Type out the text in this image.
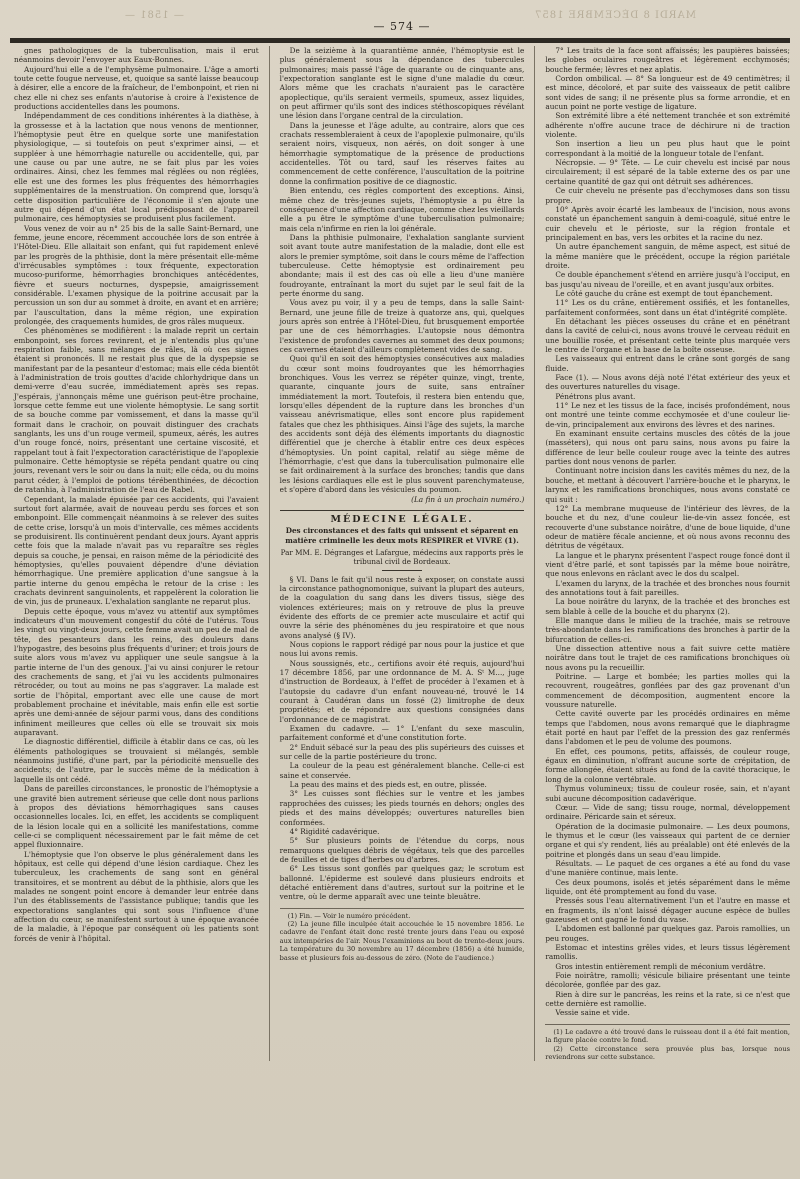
— 1581 —	MARDI 8 DÉCEMBRE 1857
— 574 —

gnes pathologiques de la tuberculisation, mais il erut néanmoins devoir l'envoyer aux Eaux-Bonnes.

Aujourd'hui elle a de l'emphysème pulmonaire. L'âge a amorti toute cette fougue nerveuse, et, quoique sa santé laisse beaucoup à désirer, elle a encore de la fraîcheur, de l'embonpoint, et rien ni chez elle ni chez ses enfants n'autorise à croire à l'existence de productions accidentelles dans les poumons.

Indépendamment de ces conditions inhérentes à la diathèse, à la grossesse et à la lactation que nous venons de mentionner, l'hémoptysie peut être en quelque sorte une manifestation physiologique, — si toutefois on peut s'exprimer ainsi, — et suppléer à une hémorrhagie naturelle ou accidentelle, qui, par une cause ou par une autre, ne se fait plus par les voies ordinaires. Ainsi, chez les femmes mal réglées ou non réglées, elle est une des formes les plus fréquentes des hémorrhagies supplémentaires de la menstruation. On comprend que, lorsqu'à cette disposition particulière de l'économie il s'en ajoute une autre qui dépend d'un état local prédisposant de l'appareil pulmonaire, ces hémoptysies se produisent plus facilement.

Vous venez de voir au n° 25 bis de la salle Saint-Bernard, une femme, jeune encore, récemment accouchée lors de son entrée à l'Hôtel-Dieu. Elle allaitait son enfant, qui fut rapidement enlevé par les progrès de la phthisie, dont la mère présentait elle-même d'irrécusables symptômes : toux fréquente, expectoration mucoso-puriforme, hémorrhagies bronchiques antécédentes, fièvre et sueurs nocturnes, dyspepsie, amaigrissement considérable. L'examen physique de la poitrine accusait par la percussion un son dur au sommet à droite, en avant et en arrière; par l'auscultation, dans la même région, une expiration prolongée, des craquements humides, de gros râles muqueux.

Ces phénomènes se modifièrent : la malade reprit un certain embonpoint, ses forces revinrent, et je n'entendis plus qu'une respiration faible, sans mélanges de râles, là où ces signes étaient si prononcés. Il ne restait plus que de la dyspepsie se manifestant par de la pesanteur d'estomac; mais elle céda bientôt à l'administration de trois gouttes d'acide chlorhydrique dans un demi-verre d'eau sucrée, immédiatement après ses repas. J'espérais, j'annonçais même une guérison peut-être prochaine, lorsque cette femme eut une violente hémoptysie. Le sang sortit de sa bouche comme par vomissement, et dans la masse qu'il formait dans le crachoir, on pouvait distinguer des crachats sanglants, les uns d'un rouge vermeil, spumeux, aérés, les autres d'un rouge foncé, noirs, présentant une certaine viscosité, et rappelant tout à fait l'expectoration caractéristique de l'apoplexie pulmonaire. Cette hémoptysie se répéta pendant quatre ou cinq jours, revenant vers le soir ou dans la nuit; elle céda, ou du moins parut céder, à l'emploi de potions térébenthinées, de décoction de ratanhia, à l'administration de l'eau de Rabel.

Cependant, la malade épuisée par ces accidents, qui l'avaient surtout fort alarmée, avait de nouveau perdu ses forces et son embonpoint. Elle commençait néanmoins à se relever des suites de cette crise, lorsqu'à un mois d'intervalle, ces mêmes accidents se produisirent. Ils continuèrent pendant deux jours. Ayant appris cette fois que la malade n'avait pas vu reparaître ses règles depuis sa couche, je pensai, en raison même de la périodicité des hémoptysies, qu'elles pouvaient dépendre d'une déviation hémorrhagique. Une première application d'une sangsue à la partie interne du genou empêcha le retour de la crise : les crachats devinrent sanguinolents, et rappelèrent la coloration lie de vin, jus de pruneaux. L'exhalation sanglante ne reparut plus.

Depuis cette époque, vous m'avez vu attentif aux symptômes indicateurs d'un mouvement congestif du côté de l'utérus. Tous les vingt ou vingt-deux jours, cette femme avait un peu de mal de tête, des pesanteurs dans les reins, des douleurs dans l'hypogastre, des besoins plus fréquents d'uriner; et trois jours de suite alors vous m'avez vu appliquer une seule sangsue à la partie interne de l'un des genoux. J'ai vu ainsi conjurer le retour des crachements de sang, et j'ai vu les accidents pulmonaires rétrocéder, ou tout au moins ne pas s'aggraver. La malade est sortie de l'hôpital, emportant avec elle une cause de mort probablement prochaine et inévitable, mais enfin elle est sortie après une demi-année de séjour parmi vous, dans des conditions infiniment meilleures que celles où elle se trouvait six mois auparavant.

Le diagnostic différentiel, difficile à établir dans ce cas, où les éléments pathologiques se trouvaient si mélangés, semble néanmoins justifié, d'une part, par la périodicité mensuelle des accidents; de l'autre, par le succès même de la médication à laquelle ils ont cédé.

Dans de pareilles circonstances, le pronostic de l'hémoptysie a une gravité bien autrement sérieuse que celle dont nous parlions à propos des déviations hémorrhagiques sans causes occasionnelles locales. Ici, en effet, les accidents se compliquent de la lésion locale qui en a sollicité les manifestations, comme celle-ci se compliquent nécessairement par le fait même de cet appel fluxionnaire.

L'hémoptysie que l'on observe le plus généralement dans les hôpitaux, est celle qui dépend d'une lésion cardiaque. Chez les tuberculeux, les crachements de sang sont en général transitoires, et se montrent au début de la phthisie, alors que les malades ne songent point encore à demander leur entrée dans l'un des établissements de l'assistance publique; tandis que les expectorations sanglantes qui sont sous l'influence d'une affection du cœur, se manifestent surtout à une époque avancée de la maladie, à l'époque par conséquent où les patients sont forcés de venir à l'hôpital.

De la seizième à la quarantième année, l'hémoptysie est le plus généralement sous la dépendance des tubercules pulmonaires; mais passé l'âge de quarante ou de cinquante ans, l'expectoration sanglante est le signe d'une maladie du cœur. Alors même que les crachats n'auraient pas le caractère apoplectique, qu'ils seraient vermeils, spumeux, assez liquides, on peut affirmer qu'ils sont des indices stéthoscopiques révélant une lésion dans l'organe central de la circulation.

Dans la jeunesse et l'âge adulte, au contraire, alors que ces crachats ressembleraient à ceux de l'apoplexie pulmonaire, qu'ils seraient noirs, visqueux, non aérés, on doit songer à une hémorrhagie symptomatique de la présence de productions accidentelles. Tôt ou tard, sauf les réserves faites au commencement de cette conférence, l'auscultation de la poitrine donne la confirmation positive de ce diagnostic.

Bien entendu, ces règles comportent des exceptions. Ainsi, même chez de très-jeunes sujets, l'hémoptysie a pu être la conséquence d'une affection cardiaque, comme chez les vieillards elle a pu être le symptôme d'une tuberculisation pulmonaire; mais cela n'infirme en rien la loi générale.

Dans la phthisie pulmonaire, l'exhalation sanglante survient soit avant toute autre manifestation de la maladie, dont elle est alors le premier symptôme, soit dans le cours même de l'affection tuberculeuse. Cette hémoptysie est ordinairement peu abondante; mais il est des cas où elle a lieu d'une manière foudroyante, entraînant la mort du sujet par le seul fait de la perte énorme du sang.

Vous avez pu voir, il y a peu de temps, dans la salle Saint-Bernard, une jeune fille de treize à quatorze ans, qui, quelques jours après son entrée à l'Hôtel-Dieu, fut brusquement emportée par une de ces hémorrhagies. L'autopsie nous démontra l'existence de profondes cavernes au sommet des deux poumons; ces cavernes étaient d'ailleurs complètement vides de sang.

Quoi qu'il en soit des hémoptysies consécutives aux maladies du cœur sont moins foudroyantes que les hémorrhagies bronchiques. Vous les verrez se répéter quinze, vingt, trente, quarante, cinquante jours de suite, sans entraîner immédiatement la mort. Toutefois, il restera bien entendu que, lorsqu'elles dépendent de la rupture dans les bronches d'un vaisseau anévrismatique, elles sont encore plus rapidement fatales que chez les phthisiques. Ainsi l'âge des sujets, la marche des accidents sont déjà des éléments importants du diagnostic différentiel que je cherche à établir entre ces deux espèces d'hémoptysies. Un point capital, relatif au siège même de l'hémorrhagie, c'est que dans la tuberculisation pulmonaire elle se fait ordinairement à la surface des bronches; tandis que dans les lésions cardiaques elle est le plus souvent parenchymateuse, et s'opère d'abord dans les vésicules du poumon.

(La fin à un prochain numéro.)
MÉDECINE LÉGALE.
Des circonstances et des faits qui unissent et séparent en matière criminelle les deux mots RESPIRER et VIVRE (1).
Par MM. E. Dégranges et Lafargue, médecins aux rapports près le tribunal civil de Bordeaux.

§ VI. Dans le fait qu'il nous reste à exposer, on constate aussi la circonstance pathognomonique, suivant la plupart des auteurs, de la coagulation du sang dans les divers tissus, siège des violences extérieures; mais on y retrouve de plus la preuve évidente des efforts de ce premier acte musculaire et actif qui ouvre la série des phénomènes du jeu respiratoire et que nous avons analysé (§ IV).

Nous copions le rapport rédigé par nous pour la justice et que nous lui avons remis.

Nous soussignés, etc., certifions avoir été requis, aujourd'hui 17 décembre 1856, par une ordonnance de M. A. Sᵗ M..., juge d'instruction de Bordeaux, à l'effet de procéder à l'examen et à l'autopsie du cadavre d'un enfant nouveau-né, trouvé le 14 courant à Caudéran dans un fossé (2) limitrophe de deux propriétés; et de répondre aux questions consignées dans l'ordonnance de ce magistrat.

Examen du cadavre. — 1° L'enfant du sexe masculin, parfaitement conformé et d'une constitution forte.

2° Enduit sébacé sur la peau des plis supérieurs des cuisses et sur celle de la partie postérieure du tronc.

La couleur de la peau est généralement blanche. Celle-ci est saine et conservée.

La peau des mains et des pieds est, en outre, plissée.

3° Les cuisses sont fléchies sur le ventre et les jambes rapprochées des cuisses; les pieds tournés en dehors; ongles des pieds et des mains développés; ouvertures naturelles bien conformées.

4° Rigidité cadavérique.

5° Sur plusieurs points de l'étendue du corps, nous remarquons quelques débris de végétaux, tels que des parcelles de feuilles et de tiges d'herbes ou d'arbres.

6° Les tissus sont gonflés par quelques gaz; le scrotum est ballonné. L'épiderme est soulevé dans plusieurs endroits et détaché entièrement dans d'autres, surtout sur la poitrine et le ventre, où le derme apparaît avec une teinte bleuâtre.

(1) Fin. — Voir le numéro précédent.
(2) La jeune fille inculpée était accouchée le 15 novembre 1856. Le cadavre de l'enfant était donc resté trente jours dans l'eau ou exposé aux intempéries de l'air. Nous l'examinions au bout de trente-deux jours. La température du 30 novembre au 17 décembre (1856) a été humide, basse et plusieurs fois au-dessous de zéro. (Note de l'audience.)

7° Les traits de la face sont affaissés; les paupières baissées; les globes oculaires rougeâtres et légèrement ecchymosés; bouche fermée; lèvres et nez aplatis.

Cordon ombilical. — 8° Sa longueur est de 49 centimètres; il est mince, décoloré, et par suite des vaisseaux de petit calibre sont vides de sang; il ne présente plus sa forme arrondie, et en aucun point ne porte vestige de ligature.

Son extrémité libre a été nettement tranchée et son extrémité adhérente n'offre aucune trace de déchirure ni de traction violente.

Son insertion a lieu un peu plus haut que le point correspondant à la moitié de la longueur totale de l'enfant.

Nécropsie. — 9° Tête. — Le cuir chevelu est incisé par nous circulairement; il est séparé de la table externe des os par une certaine quantité de gaz qui ont détruit ses adhérences.

Ce cuir chevelu ne présente pas d'ecchymoses dans son tissu propre.

10° Après avoir écarté les lambeaux de l'incision, nous avons constaté un épanchement sanguin à demi-coagulé, situé entre le cuir chevelu et le périoste, sur la région frontale et principalement en bas, vers les orbites et la racine du nez.

Un autre épanchement sanguin, de même aspect, est situé de la même manière que le précédent, occupe la région pariétale droite.

Ce double épanchement s'étend en arrière jusqu'à l'occiput, en bas jusqu'au niveau de l'oreille, et en avant jusqu'aux orbites.

Le côté gauche du crâne est exempt de tout épanchement.

11° Les os du crâne, entièrement ossifiés, et les fontanelles, parfaitement conformées, sont dans un état d'intégrité complète.

En détachant les pièces osseuses du crâne et en pénétrant dans la cavité de celui-ci, nous avons trouvé le cerveau réduit en une bouillie rosée, et présentant cette teinte plus marquée vers le centre de l'organe et la base de la boîte osseuse.

Les vaisseaux qui entrent dans le crâne sont gorgés de sang fluide.

Face (1). — Nous avons déjà noté l'état extérieur des yeux et des ouvertures naturelles du visage.

Pénétrons plus avant.

11° Le nez et les tissus de la face, incisés profondément, nous ont montré une teinte comme ecchymosée et d'une couleur lie-de-vin, principalement aux environs des lèvres et des narines.

En examinant ensuite certains muscles des côtés de la joue (masséters), qui nous ont paru sains, nous avons pu faire la différence de leur belle couleur rouge avec la teinte des autres parties dont nous venons de parler.

Continuant notre incision dans les cavités mêmes du nez, de la bouche, et mettant à découvert l'arrière-bouche et le pharynx, le larynx et les ramifications bronchiques, nous avons constaté ce qui suit :

12° La membrane muqueuse de l'intérieur des lèvres, de la bouche et du nez, d'une couleur lie-de-vin assez foncée, est recouverte d'une substance noirâtre, d'une de boue liquide, d'une odeur de matière fécale ancienne, et où nous avons reconnu des détritus de végétaux.

La langue et le pharynx présentent l'aspect rouge foncé dont il vient d'être parlé, et sont tapissés par la même boue noirâtre, que nous enlevons en râclant avec le dos du scalpel.

L'examen du larynx, de la trachée et des bronches nous fournit des annotations tout à fait pareilles.

La boue noirâtre du larynx, de la trachée et des bronches est sem blable à celle de la bouche et du pharynx (2).

Elle manque dans le milieu de la trachée, mais se retrouve très-abondante dans les ramifications des bronches à partir de la bifurcation de celles-ci.

Une dissection attentive nous a fait suivre cette matière noirâtre dans tout le trajet de ces ramifications bronchiques où nous avons pu la recueillir.

Poitrine. — Large et bombée; les parties molles qui la recouvrent, rougeâtres, gonflées par des gaz provenant d'un commencement de décomposition, augmentent encore la voussure naturelle.

Cette cavité ouverte par les procédés ordinaires en même temps que l'abdomen, nous avons remarqué que le diaphragme était porté en haut par l'effet de la pression des gaz renfermés dans l'abdomen et le peu de volume des poumons.

En effet, ces poumons, petits, affaissés, de couleur rouge, égaux en diminution, n'offrant aucune sorte de crépitation, de forme allongée, étaient situés au fond de la cavité thoracique, le long de la colonne vertébrale.

Thymus volumineux; tissu de couleur rosée, sain, et n'ayant subi aucune décomposition cadavérique.

Cœur. — Vide de sang; tissu rouge, normal, développement ordinaire. Péricarde sain et séreux.

Opération de la docimasie pulmonaire. — Les deux poumons, le thymus et le cœur (les vaisseaux qui partent de ce dernier organe et qui s'y rendent, liés au préalable) ont été enlevés de la poitrine et plongés dans un seau d'eau limpide.

Résultats. — Le paquet de ces organes a été au fond du vase d'une manière continue, mais lente.

Ces deux poumons, isolés et jetés séparément dans le même liquide, ont été promptement au fond du vase.

Pressés sous l'eau alternativement l'un et l'autre en masse et en fragments, ils n'ont laissé dégager aucune espèce de bulles gazeuses et ont gagné le fond du vase.

L'abdomen est ballonné par quelques gaz. Parois ramollies, un peu rouges.

Estomac et intestins grêles vides, et leurs tissus légèrement ramollis.

Gros intestin entièrement rempli de méconium verdâtre.

Foie noirâtre, ramolli; vésicule biliaire présentant une teinte décolorée, gonflée par des gaz.

Rien à dire sur le pancréas, les reins et la rate, si ce n'est que cette dernière est ramollie.

Vessie saine et vide.

(1) Le cadavre a été trouvé dans le ruisseau dont il a été fait mention, la figure placée contre le fond.
(2) Cette circonstance sera prouvée plus bas, lorsque nous reviendrons sur cette substance.
